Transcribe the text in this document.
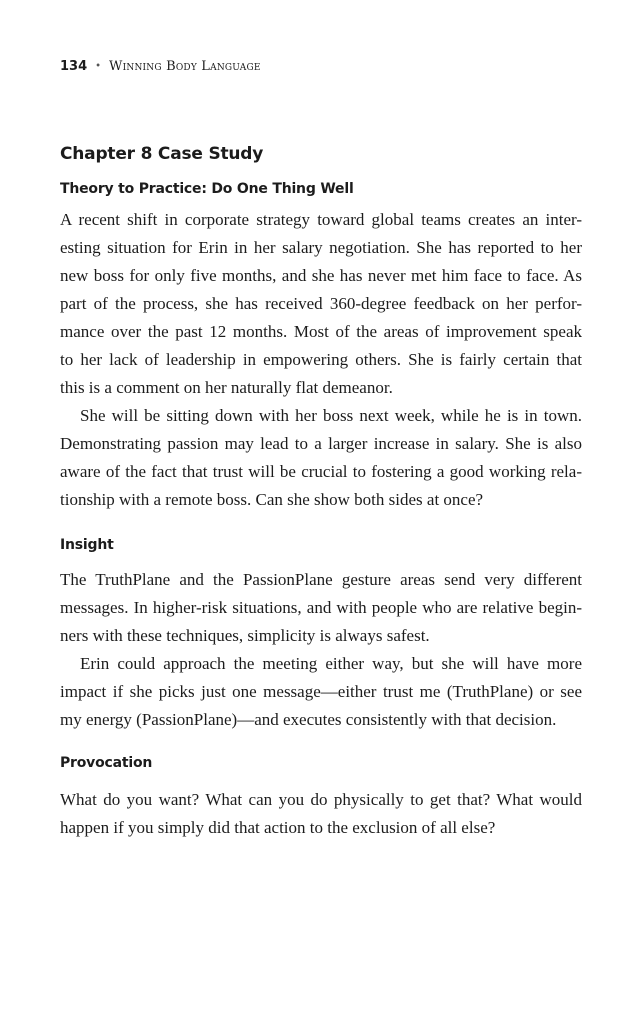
134 • Winning Body Language
Chapter 8 Case Study
Theory to Practice: Do One Thing Well

A recent shift in corporate strategy toward global teams creates an inter-
esting situation for Erin in her salary negotiation. She has reported to her
new boss for only five months, and she has never met him face to face. As
part of the process, she has received 360-degree feedback on her perfor-
mance over the past 12 months. Most of the areas of improvement speak
to her lack of leadership in empowering others. She is fairly certain that
this is a comment on her naturally flat demeanor.

She will be sitting down with her boss next week, while he is in town.
Demonstrating passion may lead to a larger increase in salary. She is also
aware of the fact that trust will be crucial to fostering a good working rela-
tionship with a remote boss. Can she show both sides at once?

Insight

The TruthPlane and the PassionPlane gesture areas send very different
messages. In higher-risk situations, and with people who are relative begin-
ners with these techniques, simplicity is always safest.

Erin could approach the meeting either way, but she will have more
impact if she picks just one message—either trust me (TruthPlane) or see
my energy (PassionPlane)—and executes consistently with that decision.

Provocation

What do you want? What can you do physically to get that? What would
happen if you simply did that action to the exclusion of all else?
